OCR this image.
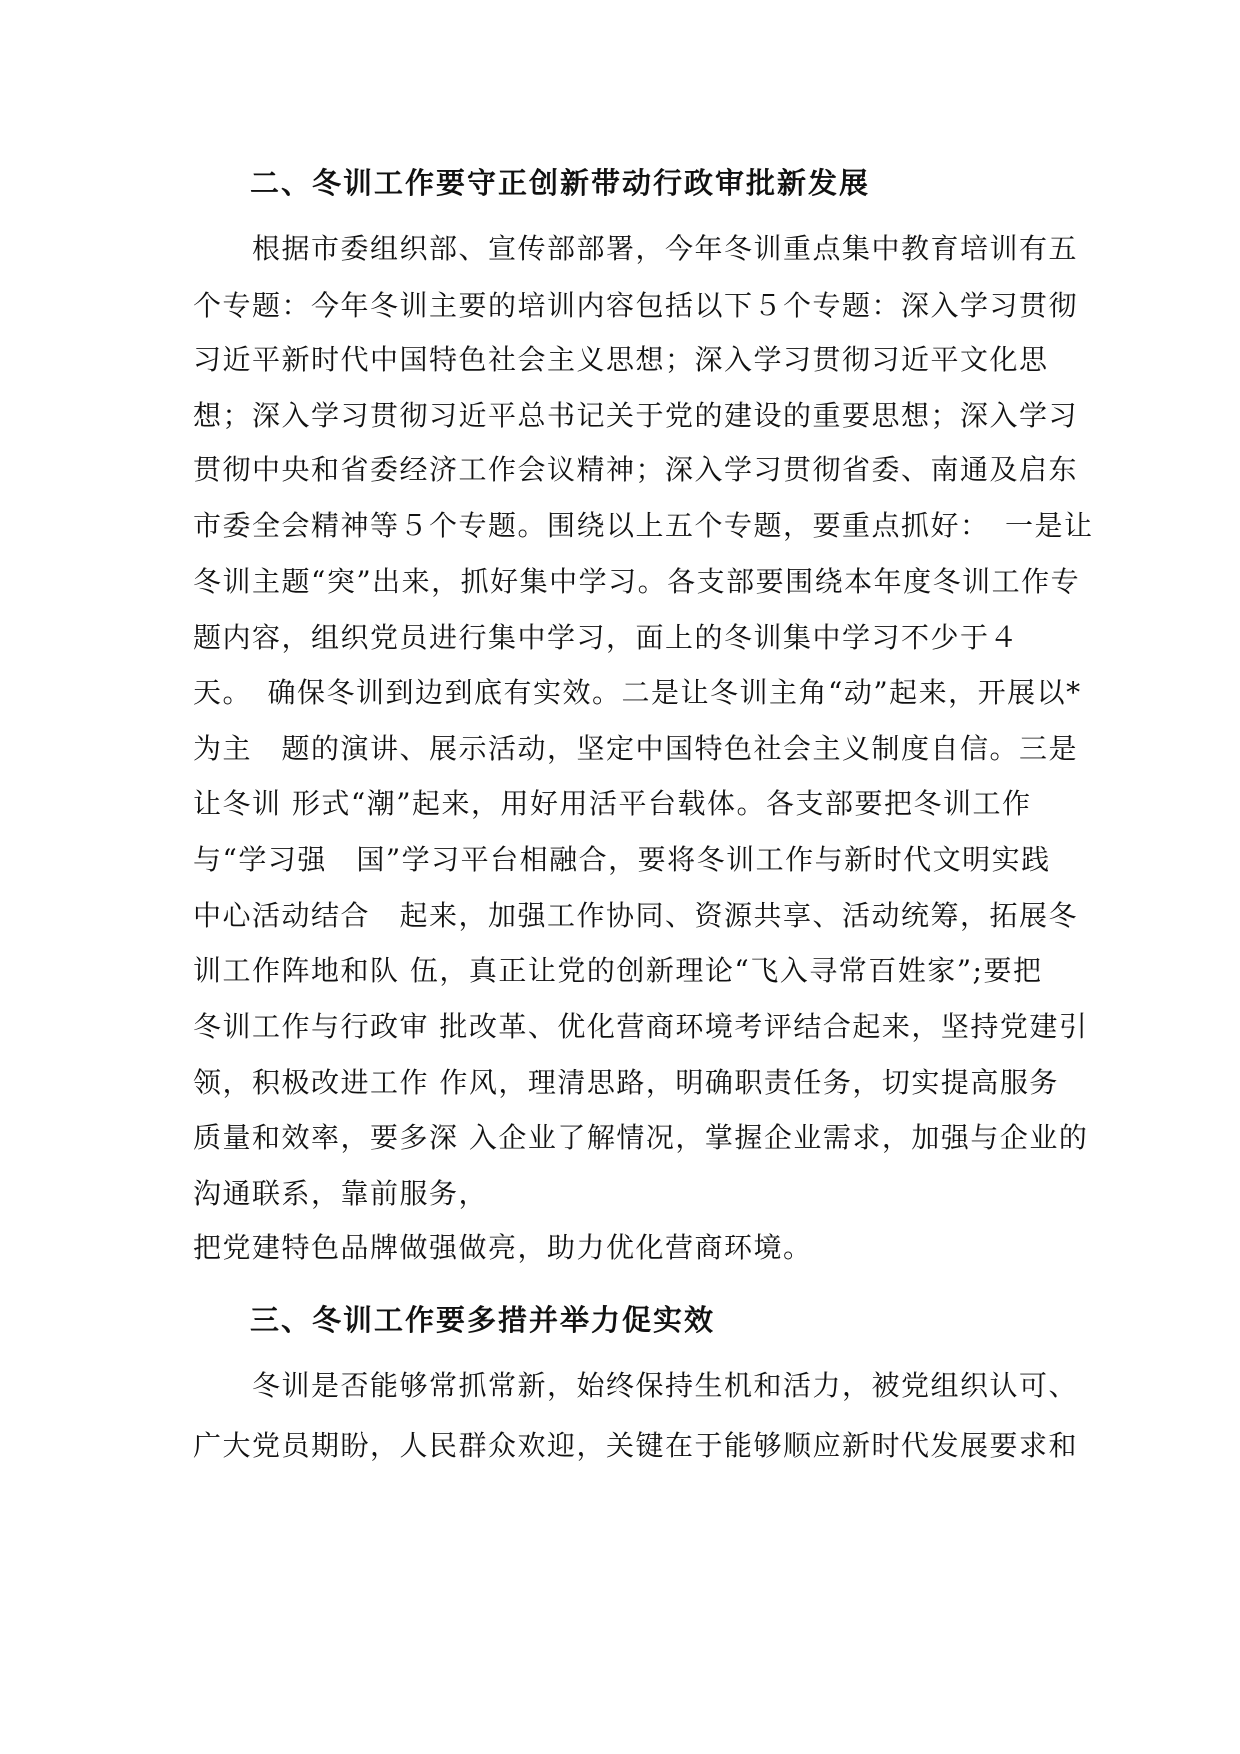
二、冬训工作要守正创新带动行政审批新发展
　　根据市委组织部、宣传部部署，今年冬训重点集中教育培训有五
个专题：今年冬训主要的培训内容包括以下５个专题：深入学习贯彻
习近平新时代中国特色社会主义思想；深入学习贯彻习近平文化思
想；深入学习贯彻习近平总书记关于党的建设的重要思想；深入学习
贯彻中央和省委经济工作会议精神；深入学习贯彻省委、南通及启东
市委全会精神等５个专题。围绕以上五个专题，要重点抓好：　一是让
冬训主题“突”出来，抓好集中学习。各支部要围绕本年度冬训工作专
题内容，组织党员进行集中学习，面上的冬训集中学习不少于４
天。　确保冬训到边到底有实效。二是让冬训主角“动”起来，开展以*
为主　题的演讲、展示活动，坚定中国特色社会主义制度自信。三是
让冬训 形式“潮”起来，用好用活平台载体。各支部要把冬训工作
与“学习强　国”学习平台相融合，要将冬训工作与新时代文明实践
中心活动结合　起来，加强工作协同、资源共享、活动统筹，拓展冬
训工作阵地和队 伍，真正让党的创新理论“飞入寻常百姓家”;要把
冬训工作与行政审 批改革、优化营商环境考评结合起来，坚持党建引
领，积极改进工作 作风，理清思路，明确职责任务，切实提高服务
质量和效率，要多深 入企业了解情况，掌握企业需求，加强与企业的
沟通联系，靠前服务，
把党建特色品牌做强做亮，助力优化营商环境。
三、冬训工作要多措并举力促实效
　　冬训是否能够常抓常新，始终保持生机和活力，被党组织认可、
广大党员期盼，人民群众欢迎，关键在于能够顺应新时代发展要求和
